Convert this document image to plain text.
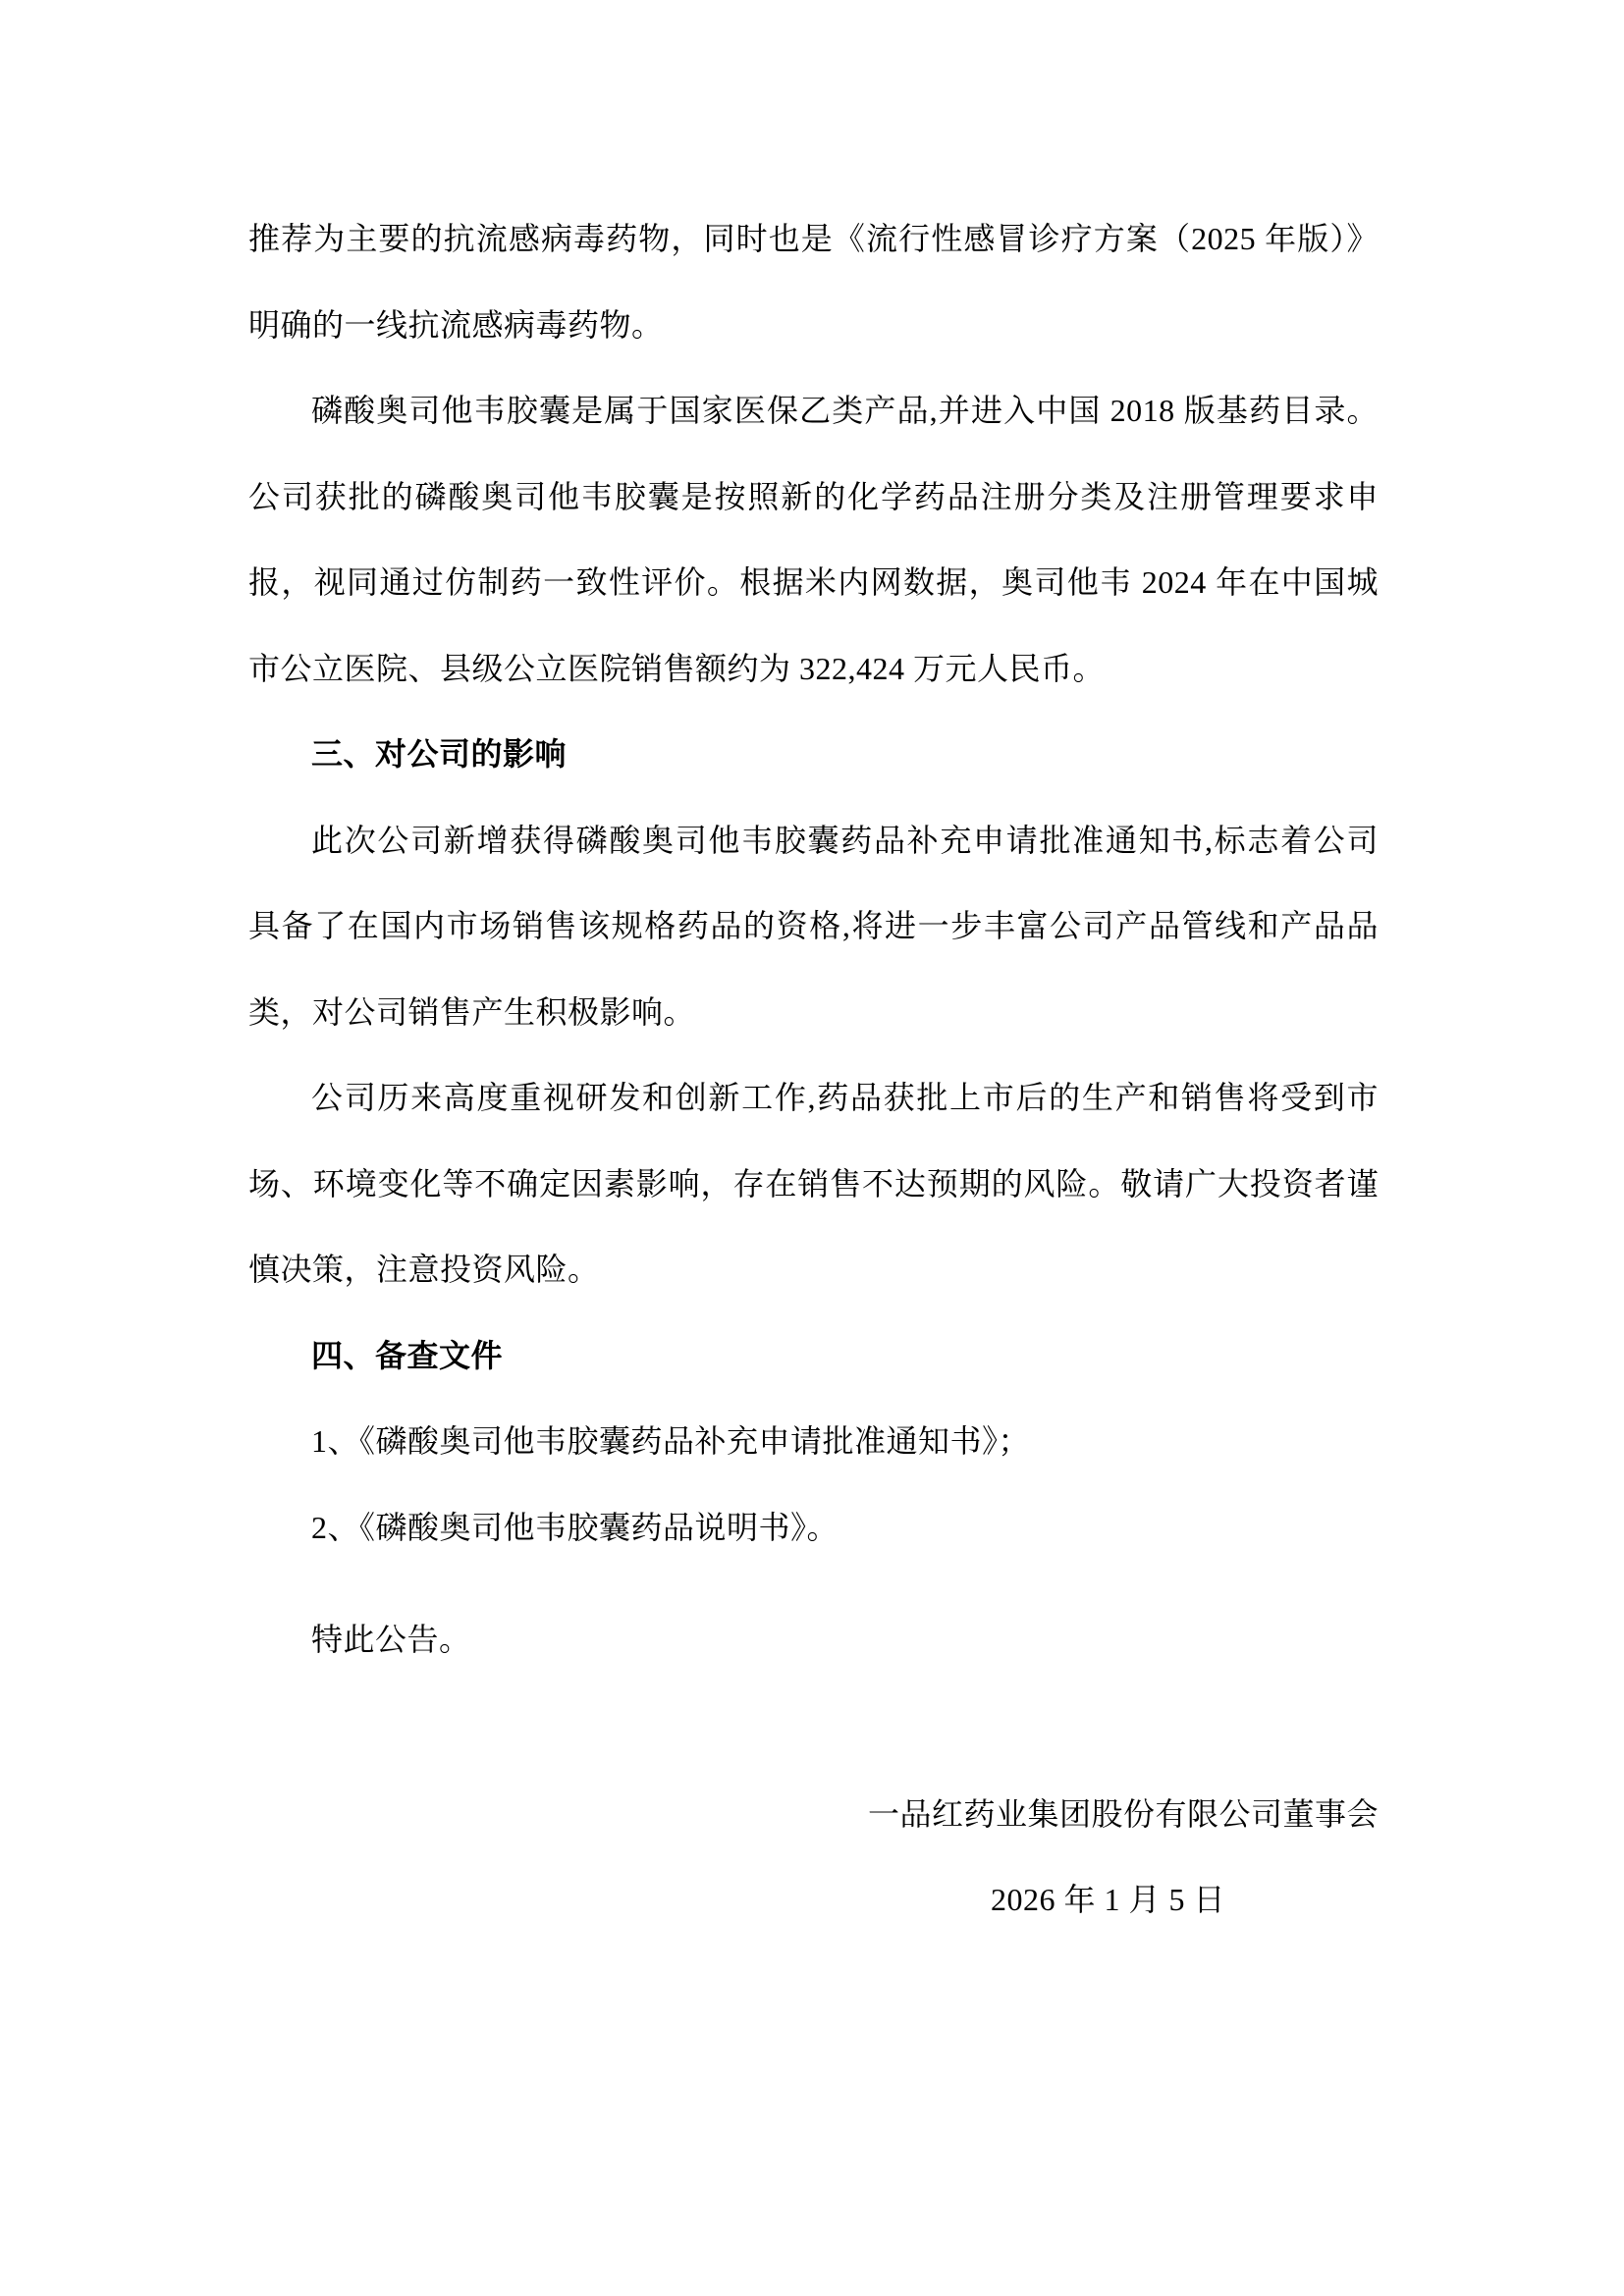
推荐为主要的抗流感病毒药物，同时也是《流行性感冒诊疗方案（2025 年版）》
明确的一线抗流感病毒药物。
磷酸奥司他韦胶囊是属于国家医保乙类产品,并进入中国 2018 版基药目录。
公司获批的磷酸奥司他韦胶囊是按照新的化学药品注册分类及注册管理要求申
报，视同通过仿制药一致性评价。根据米内网数据，奥司他韦 2024 年在中国城
市公立医院、县级公立医院销售额约为 322,424 万元人民币。
三、对公司的影响
此次公司新增获得磷酸奥司他韦胶囊药品补充申请批准通知书,标志着公司
具备了在国内市场销售该规格药品的资格,将进一步丰富公司产品管线和产品品
类，对公司销售产生积极影响。
公司历来高度重视研发和创新工作,药品获批上市后的生产和销售将受到市
场、环境变化等不确定因素影响，存在销售不达预期的风险。敬请广大投资者谨
慎决策，注意投资风险。
四、备查文件
1、《磷酸奥司他韦胶囊药品补充申请批准通知书》；
2、《磷酸奥司他韦胶囊药品说明书》。
特此公告。
一品红药业集团股份有限公司董事会
2026 年 1 月 5 日
